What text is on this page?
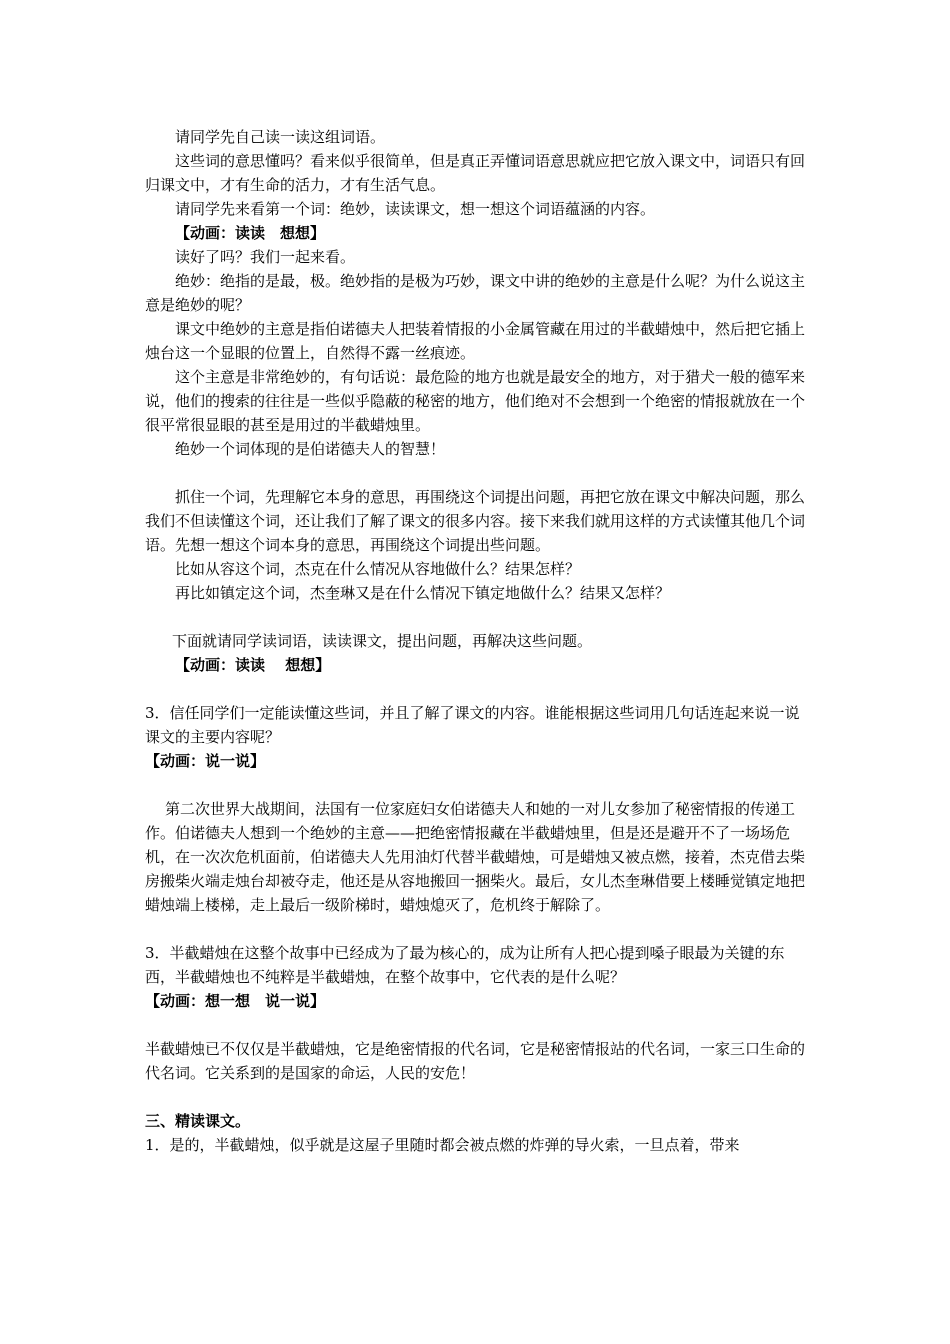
请同学先自己读一读这组词语。

这些词的意思懂吗？看来似乎很简单，但是真正弄懂词语意思就应把它放入课文中，词语只有回归课文中，才有生命的活力，才有生活气息。

请同学先来看第一个词：绝妙，读读课文，想一想这个词语蕴涵的内容。

【动画：读读　想想】

读好了吗？我们一起来看。

绝妙：绝指的是最，极。绝妙指的是极为巧妙，课文中讲的绝妙的主意是什么呢？为什么说这主意是绝妙的呢？

课文中绝妙的主意是指伯诺德夫人把装着情报的小金属管藏在用过的半截蜡烛中，然后把它插上烛台这一个显眼的位置上，自然得不露一丝痕迹。

这个主意是非常绝妙的，有句话说：最危险的地方也就是最安全的地方，对于猎犬一般的德军来说，他们的搜索的往往是一些似乎隐蔽的秘密的地方，他们绝对不会想到一个绝密的情报就放在一个很平常很显眼的甚至是用过的半截蜡烛里。

绝妙一个词体现的是伯诺德夫人的智慧！

抓住一个词，先理解它本身的意思，再围绕这个词提出问题，再把它放在课文中解决问题，那么我们不但读懂这个词，还让我们了解了课文的很多内容。接下来我们就用这样的方式读懂其他几个词语。先想一想这个词本身的意思，再围绕这个词提出些问题。

比如从容这个词，杰克在什么情况从容地做什么？结果怎样？

再比如镇定这个词，杰奎琳又是在什么情况下镇定地做什么？结果又怎样？

下面就请同学读词语，读读课文，提出问题，再解决这些问题。

【动画：读读　 想想】

3．信任同学们一定能读懂这些词，并且了解了课文的内容。谁能根据这些词用几句话连起来说一说课文的主要内容呢？

【动画：说一说】

第二次世界大战期间，法国有一位家庭妇女伯诺德夫人和她的一对儿女参加了秘密情报的传递工作。伯诺德夫人想到一个绝妙的主意——把绝密情报藏在半截蜡烛里，但是还是避开不了一场场危机，在一次次危机面前，伯诺德夫人先用油灯代替半截蜡烛，可是蜡烛又被点燃，接着，杰克借去柴房搬柴火端走烛台却被夺走，他还是从容地搬回一捆柴火。最后，女儿杰奎琳借要上楼睡觉镇定地把蜡烛端上楼梯，走上最后一级阶梯时，蜡烛熄灭了，危机终于解除了。

3．半截蜡烛在这整个故事中已经成为了最为核心的，成为让所有人把心提到嗓子眼最为关键的东西，半截蜡烛也不纯粹是半截蜡烛，在整个故事中，它代表的是什么呢？

【动画：想一想　说一说】

半截蜡烛已不仅仅是半截蜡烛，它是绝密情报的代名词，它是秘密情报站的代名词，一家三口生命的代名词。它关系到的是国家的命运，人民的安危！

三、精读课文。

1．是的，半截蜡烛，似乎就是这屋子里随时都会被点燃的炸弹的导火索，一旦点着，带来
